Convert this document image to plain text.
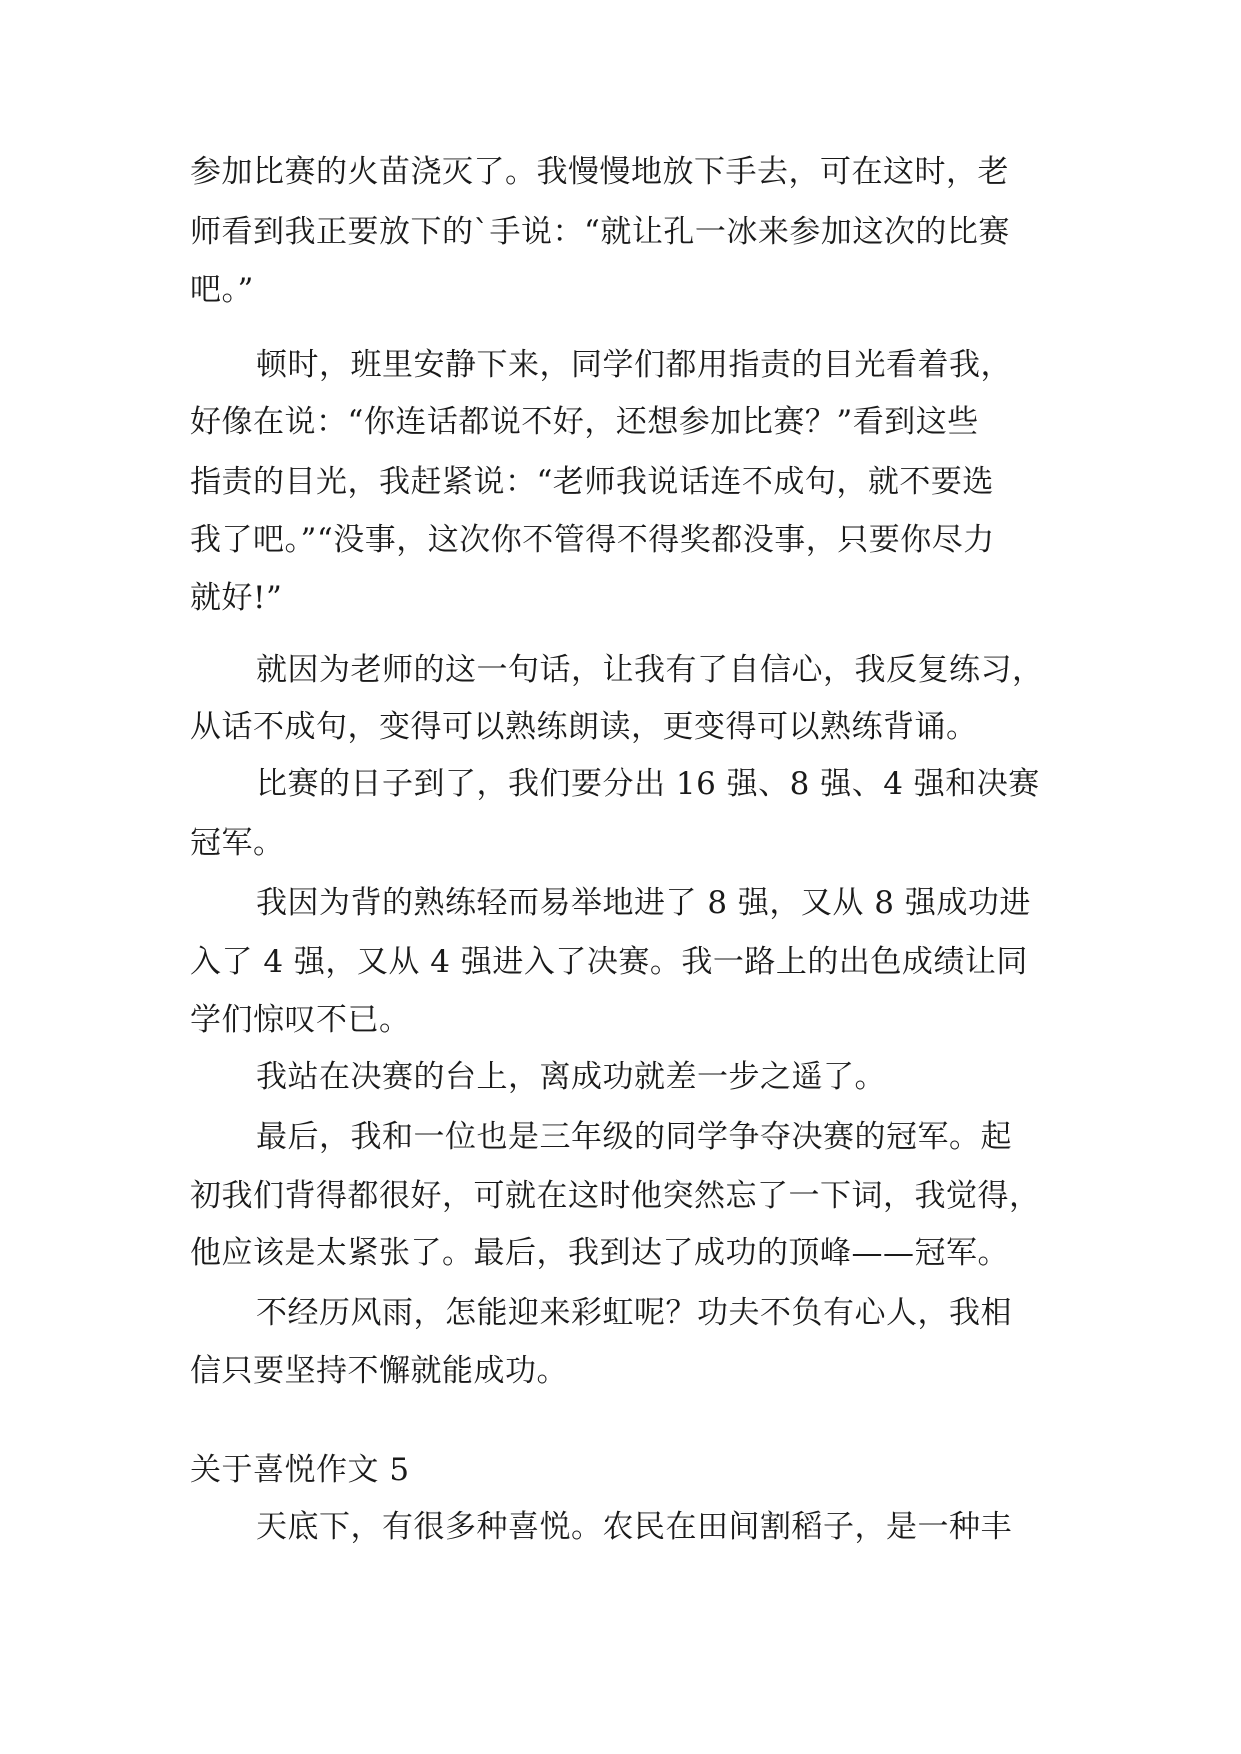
参加比赛的火苗浇灭了。我慢慢地放下手去，可在这时，老
师看到我正要放下的`手说：“就让孔一冰来参加这次的比赛
吧。”
顿时，班里安静下来，同学们都用指责的目光看着我，
好像在说：“你连话都说不好，还想参加比赛？”看到这些
指责的目光，我赶紧说：“老师我说话连不成句，就不要选
我了吧。”“没事，这次你不管得不得奖都没事，只要你尽力
就好!”
就因为老师的这一句话，让我有了自信心，我反复练习，
从话不成句，变得可以熟练朗读，更变得可以熟练背诵。
比赛的日子到了，我们要分出 16 强、8 强、4 强和决赛
冠军。
我因为背的熟练轻而易举地进了 8 强，又从 8 强成功进
入了 4 强，又从 4 强进入了决赛。我一路上的出色成绩让同
学们惊叹不已。
我站在决赛的台上，离成功就差一步之遥了。
最后，我和一位也是三年级的同学争夺决赛的冠军。起
初我们背得都很好，可就在这时他突然忘了一下词，我觉得，
他应该是太紧张了。最后，我到达了成功的顶峰——冠军。
不经历风雨，怎能迎来彩虹呢？功夫不负有心人，我相
信只要坚持不懈就能成功。
关于喜悦作文 5
天底下，有很多种喜悦。农民在田间割稻子，是一种丰
